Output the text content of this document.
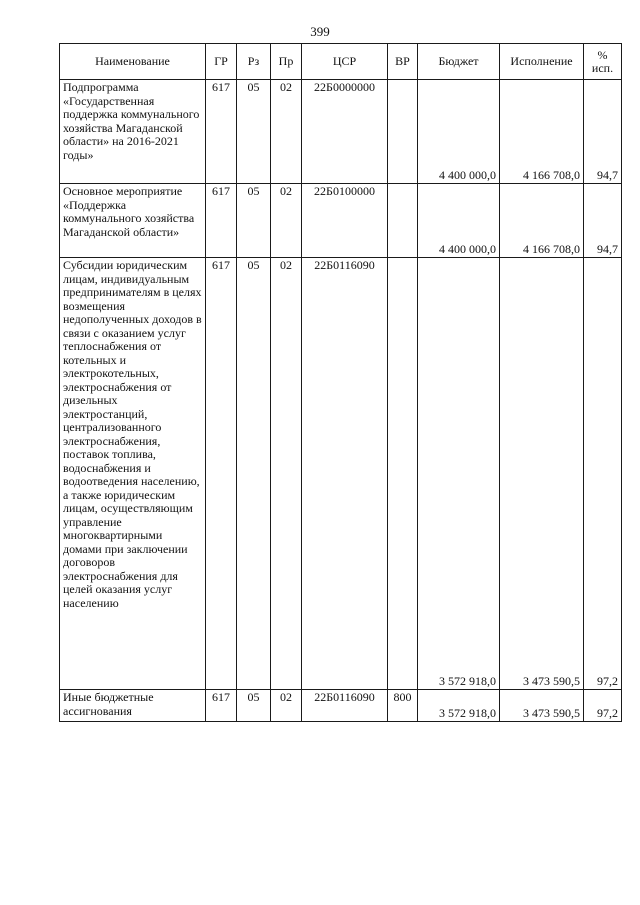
399
Наименование	ГР	Рз	Пр	ЦСР	ВР	Бюджет	Исполнение	%
исп.
Подпрограмма «Государственная поддержка коммунального хозяйства Магаданской области» на 2016-2021 годы»	617	05	02	22Б0000000		4 400 000,0	4 166 708,0	94,7
Основное мероприятие «Поддержка коммунального хозяйства Магаданской области»	617	05	02	22Б0100000		4 400 000,0	4 166 708,0	94,7
Субсидии юридическим лицам, индивидуальным предпринимателям в целях возмещения недополученных доходов в связи с оказанием услуг теплоснабжения от котельных и электрокотельных, электроснабжения от дизельных электростанций, централизованного электроснабжения, поставок топлива, водоснабжения и водоотведения населению, а также юридическим лицам, осуществляющим управление многоквартирными домами при заключении договоров электроснабжения для целей оказания услуг населению	617	05	02	22Б0116090		3 572 918,0	3 473 590,5	97,2
Иные бюджетные ассигнования	617	05	02	22Б0116090	800	3 572 918,0	3 473 590,5	97,2
